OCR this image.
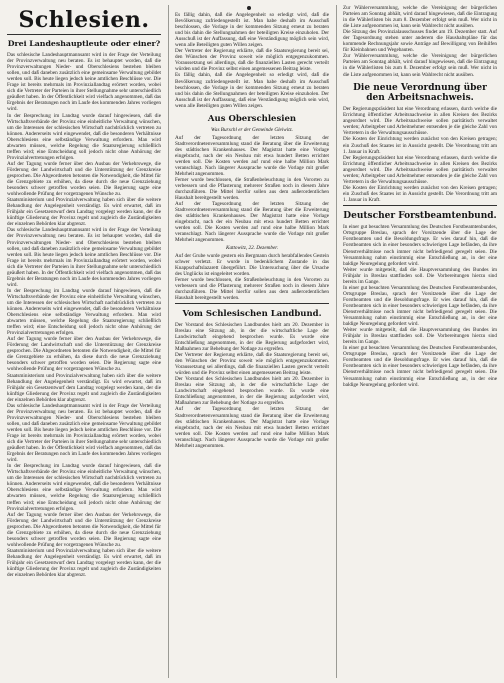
Schlesien.
Drei Landeshauptleute oder einer?

Das schlesische Landeshauptmannsamt wird in der Frage der Verteilung der Provinzverwaltung neu beraten. Es ist behauptet worden, daß die Provinzverwaltungen Nieder- und Oberschlesiens bestehen bleiben sollen, und daß daneben zusätzlich eine gemeinsame Verwaltung gebildet werden soll. Bis heute liegen jedoch keine amtlichen Beschlüsse vor. Die Frage ist bereits mehrmals im Provinziallandtag erörtert worden, wobei sich die Vertreter der Parteien in ihrer Stellungnahme sehr unterschiedlich geäußert haben. In der Öffentlichkeit wird vielfach angenommen, daß das Ergebnis der Beratungen noch im Laufe des kommenden Jahres vorliegen wird.

In der Besprechung im Landtag wurde darauf hingewiesen, daß die Wirtschaftsverbände der Provinz eine einheitliche Verwaltung wünschen, um die Interessen der schlesischen Wirtschaft nachdrücklich vertreten zu können. Andererseits wird eingewendet, daß die besonderen Verhältnisse Oberschlesiens eine selbständige Verwaltung erfordern. Man wird abwarten müssen, welche Regelung die Staatsregierung schließlich treffen wird; eine Entscheidung soll jedoch nicht ohne Anhörung der Provinzialvertretungen erfolgen.

Auf der Tagung wurde ferner über den Ausbau der Verkehrswege, die Förderung der Landwirtschaft und die Unterstützung der Grenzkreise gesprochen. Die Abgeordneten betonten die Notwendigkeit, die Mittel für die Grenzgebiete zu erhöhen, da diese durch die neue Grenzziehung besonders schwer getroffen worden seien. Die Regierung sagte eine wohlwollende Prüfung der vorgetragenen Wünsche zu.

Staatsministerium und Provinzialverwaltung haben sich über die weitere Behandlung der Angelegenheit verständigt. Es wird erwartet, daß im Frühjahr ein Gesetzentwurf dem Landtag vorgelegt werden kann, der die künftige Gliederung der Provinz regelt und zugleich die Zuständigkeiten der einzelnen Behörden klar abgrenzt.

Das schlesische Landeshauptmannsamt wird in der Frage der Verteilung der Provinzverwaltung neu beraten. Es ist behauptet worden, daß die Provinzverwaltungen Nieder- und Oberschlesiens bestehen bleiben sollen, und daß daneben zusätzlich eine gemeinsame Verwaltung gebildet werden soll. Bis heute liegen jedoch keine amtlichen Beschlüsse vor. Die Frage ist bereits mehrmals im Provinziallandtag erörtert worden, wobei sich die Vertreter der Parteien in ihrer Stellungnahme sehr unterschiedlich geäußert haben. In der Öffentlichkeit wird vielfach angenommen, daß das Ergebnis der Beratungen noch im Laufe des kommenden Jahres vorliegen wird.

In der Besprechung im Landtag wurde darauf hingewiesen, daß die Wirtschaftsverbände der Provinz eine einheitliche Verwaltung wünschen, um die Interessen der schlesischen Wirtschaft nachdrücklich vertreten zu können. Andererseits wird eingewendet, daß die besonderen Verhältnisse Oberschlesiens eine selbständige Verwaltung erfordern. Man wird abwarten müssen, welche Regelung die Staatsregierung schließlich treffen wird; eine Entscheidung soll jedoch nicht ohne Anhörung der Provinzialvertretungen erfolgen.

Auf der Tagung wurde ferner über den Ausbau der Verkehrswege, die Förderung der Landwirtschaft und die Unterstützung der Grenzkreise gesprochen. Die Abgeordneten betonten die Notwendigkeit, die Mittel für die Grenzgebiete zu erhöhen, da diese durch die neue Grenzziehung besonders schwer getroffen worden seien. Die Regierung sagte eine wohlwollende Prüfung der vorgetragenen Wünsche zu.

Staatsministerium und Provinzialverwaltung haben sich über die weitere Behandlung der Angelegenheit verständigt. Es wird erwartet, daß im Frühjahr ein Gesetzentwurf dem Landtag vorgelegt werden kann, der die künftige Gliederung der Provinz regelt und zugleich die Zuständigkeiten der einzelnen Behörden klar abgrenzt.

Das schlesische Landeshauptmannsamt wird in der Frage der Verteilung der Provinzverwaltung neu beraten. Es ist behauptet worden, daß die Provinzverwaltungen Nieder- und Oberschlesiens bestehen bleiben sollen, und daß daneben zusätzlich eine gemeinsame Verwaltung gebildet werden soll. Bis heute liegen jedoch keine amtlichen Beschlüsse vor. Die Frage ist bereits mehrmals im Provinziallandtag erörtert worden, wobei sich die Vertreter der Parteien in ihrer Stellungnahme sehr unterschiedlich geäußert haben. In der Öffentlichkeit wird vielfach angenommen, daß das Ergebnis der Beratungen noch im Laufe des kommenden Jahres vorliegen wird.

In der Besprechung im Landtag wurde darauf hingewiesen, daß die Wirtschaftsverbände der Provinz eine einheitliche Verwaltung wünschen, um die Interessen der schlesischen Wirtschaft nachdrücklich vertreten zu können. Andererseits wird eingewendet, daß die besonderen Verhältnisse Oberschlesiens eine selbständige Verwaltung erfordern. Man wird abwarten müssen, welche Regelung die Staatsregierung schließlich treffen wird; eine Entscheidung soll jedoch nicht ohne Anhörung der Provinzialvertretungen erfolgen.

Auf der Tagung wurde ferner über den Ausbau der Verkehrswege, die Förderung der Landwirtschaft und die Unterstützung der Grenzkreise gesprochen. Die Abgeordneten betonten die Notwendigkeit, die Mittel für die Grenzgebiete zu erhöhen, da diese durch die neue Grenzziehung besonders schwer getroffen worden seien. Die Regierung sagte eine wohlwollende Prüfung der vorgetragenen Wünsche zu.

Staatsministerium und Provinzialverwaltung haben sich über die weitere Behandlung der Angelegenheit verständigt. Es wird erwartet, daß im Frühjahr ein Gesetzentwurf dem Landtag vorgelegt werden kann, der die künftige Gliederung der Provinz regelt und zugleich die Zuständigkeiten der einzelnen Behörden klar abgrenzt.

Es fällig dahin, daß die Angelegenheit so erledigt wird, daß die Bevölkerung zufriedengestellt ist. Man habe deshalb im Ausschuß beschlossen, die Vorlage in der kommenden Sitzung erneut zu beraten und bis dahin die Stellungnahmen der beteiligten Kreise einzuholen. Der Ausschuß ist der Auffassung, daß eine Verständigung möglich sein wird, wenn alle Beteiligten guten Willen zeigen.

Der Vertreter der Regierung erklärte, daß die Staatsregierung bereit sei, den Wünschen der Provinz soweit wie möglich entgegenzukommen. Voraussetzung sei allerdings, daß die finanziellen Lasten gerecht verteilt würden und die Provinz selbst einen angemessenen Beitrag leiste.

Es fällig dahin, daß die Angelegenheit so erledigt wird, daß die Bevölkerung zufriedengestellt ist. Man habe deshalb im Ausschuß beschlossen, die Vorlage in der kommenden Sitzung erneut zu beraten und bis dahin die Stellungnahmen der beteiligten Kreise einzuholen. Der Ausschuß ist der Auffassung, daß eine Verständigung möglich sein wird, wenn alle Beteiligten guten Willen zeigen.

Aus Oberschlesien
Was Burschl er der Gemeinde Gleiwitz.

Auf der Tagesordnung der letzten Sitzung der Stadtverordnetenversammlung stand die Beratung über die Erweiterung des städtischen Krankenhauses. Der Magistrat hatte eine Vorlage eingebracht, nach der ein Neubau mit etwa hundert Betten errichtet werden soll. Die Kosten werden auf rund eine halbe Million Mark veranschlagt. Nach längerer Aussprache wurde die Vorlage mit großer Mehrheit angenommen.

Ferner wurde beschlossen, die Straßenbeleuchtung in den Vororten zu verbessern und die Pflasterung mehrerer Straßen noch in diesem Jahre durchzuführen. Die Mittel hierfür sollen aus dem außerordentlichen Haushalt bereitgestellt werden.

Auf der Tagesordnung der letzten Sitzung der Stadtverordnetenversammlung stand die Beratung über die Erweiterung des städtischen Krankenhauses. Der Magistrat hatte eine Vorlage eingebracht, nach der ein Neubau mit etwa hundert Betten errichtet werden soll. Die Kosten werden auf rund eine halbe Million Mark veranschlagt. Nach längerer Aussprache wurde die Vorlage mit großer Mehrheit angenommen.

Kattowitz, 22. Dezember.

Auf der Grube wurde gestern ein Bergmann durch herabfallendes Gestein schwer verletzt. Er wurde in bedenklichem Zustande in das Knappschaftslazarett übergeführt. Die Untersuchung über die Ursache des Unglücks ist eingeleitet worden.

Ferner wurde beschlossen, die Straßenbeleuchtung in den Vororten zu verbessern und die Pflasterung mehrerer Straßen noch in diesem Jahre durchzuführen. Die Mittel hierfür sollen aus dem außerordentlichen Haushalt bereitgestellt werden.

Vom Schlesischen Landbund.

Der Vorstand des Schlesischen Landbundes hielt am 20. Dezember in Breslau eine Sitzung ab, in der die wirtschaftliche Lage der Landwirtschaft eingehend besprochen wurde. Es wurde eine Entschließung angenommen, in der die Regierung aufgefordert wird, Maßnahmen zur Behebung der Notlage zu ergreifen.

Der Vertreter der Regierung erklärte, daß die Staatsregierung bereit sei, den Wünschen der Provinz soweit wie möglich entgegenzukommen. Voraussetzung sei allerdings, daß die finanziellen Lasten gerecht verteilt würden und die Provinz selbst einen angemessenen Beitrag leiste.

Der Vorstand des Schlesischen Landbundes hielt am 20. Dezember in Breslau eine Sitzung ab, in der die wirtschaftliche Lage der Landwirtschaft eingehend besprochen wurde. Es wurde eine Entschließung angenommen, in der die Regierung aufgefordert wird, Maßnahmen zur Behebung der Notlage zu ergreifen.

Auf der Tagesordnung der letzten Sitzung der Stadtverordnetenversammlung stand die Beratung über die Erweiterung des städtischen Krankenhauses. Der Magistrat hatte eine Vorlage eingebracht, nach der ein Neubau mit etwa hundert Betten errichtet werden soll. Die Kosten werden auf rund eine halbe Million Mark veranschlagt. Nach längerer Aussprache wurde die Vorlage mit großer Mehrheit angenommen.

Zur Wählerversammlung, welche die Vereinigung der bürgerlichen Parteien am Sonntag abhält, wird darauf hingewiesen, daß die Eintragung in die Wählerlisten bis zum 8. Dezember erfolgt sein muß. Wer nicht in die Liste aufgenommen ist, kann sein Wahlrecht nicht ausüben.

Die Sitzung des Provinzialausschusses findet am 19. Dezember statt. Auf der Tagesordnung stehen unter anderem die Haushaltspläne für das kommende Rechnungsjahr sowie Anträge auf Bewilligung von Beihilfen für Kleinbahnen und Wegebauten.

Zur Wählerversammlung, welche die Vereinigung der bürgerlichen Parteien am Sonntag abhält, wird darauf hingewiesen, daß die Eintragung in die Wählerlisten bis zum 8. Dezember erfolgt sein muß. Wer nicht in die Liste aufgenommen ist, kann sein Wahlrecht nicht ausüben.

Die neue Verordnung über den Arbeitsnachweis.

Der Regierungspräsident hat eine Verordnung erlassen, durch welche die Errichtung öffentlicher Arbeitsnachweise in allen Kreisen des Bezirks angeordnet wird. Die Arbeitsnachweise sollen paritätisch verwaltet werden; Arbeitgeber und Arbeitnehmer entsenden je die gleiche Zahl von Vertretern in die Verwaltungsausschüsse.

Die Kosten der Einrichtung werden zunächst von den Kreisen getragen; ein Zuschuß des Staates ist in Aussicht gestellt. Die Verordnung tritt am 1. Januar in Kraft.

Der Regierungspräsident hat eine Verordnung erlassen, durch welche die Errichtung öffentlicher Arbeitsnachweise in allen Kreisen des Bezirks angeordnet wird. Die Arbeitsnachweise sollen paritätisch verwaltet werden; Arbeitgeber und Arbeitnehmer entsenden je die gleiche Zahl von Vertretern in die Verwaltungsausschüsse.

Die Kosten der Einrichtung werden zunächst von den Kreisen getragen; ein Zuschuß des Staates ist in Aussicht gestellt. Die Verordnung tritt am 1. Januar in Kraft.

Deutscher Forstbeamtenbund.

In einer gut besuchten Versammlung des Deutschen Forstbeamtenbundes, Ortsgruppe Breslau, sprach der Vorsitzende über die Lage der Forstbeamten und die Besoldungsfrage. Er wies darauf hin, daß die Forstbeamten sich in einer besonders schwierigen Lage befänden, da ihre Dienstverhältnisse noch immer nicht befriedigend geregelt seien. Die Versammlung nahm einstimmig eine Entschließung an, in der eine baldige Neuregelung gefordert wird.

Weiter wurde mitgeteilt, daß die Hauptversammlung des Bundes im Frühjahr in Breslau stattfinden soll. Die Vorbereitungen hierzu sind bereits im Gange.

In einer gut besuchten Versammlung des Deutschen Forstbeamtenbundes, Ortsgruppe Breslau, sprach der Vorsitzende über die Lage der Forstbeamten und die Besoldungsfrage. Er wies darauf hin, daß die Forstbeamten sich in einer besonders schwierigen Lage befänden, da ihre Dienstverhältnisse noch immer nicht befriedigend geregelt seien. Die Versammlung nahm einstimmig eine Entschließung an, in der eine baldige Neuregelung gefordert wird.

Weiter wurde mitgeteilt, daß die Hauptversammlung des Bundes im Frühjahr in Breslau stattfinden soll. Die Vorbereitungen hierzu sind bereits im Gange.

In einer gut besuchten Versammlung des Deutschen Forstbeamtenbundes, Ortsgruppe Breslau, sprach der Vorsitzende über die Lage der Forstbeamten und die Besoldungsfrage. Er wies darauf hin, daß die Forstbeamten sich in einer besonders schwierigen Lage befänden, da ihre Dienstverhältnisse noch immer nicht befriedigend geregelt seien. Die Versammlung nahm einstimmig eine Entschließung an, in der eine baldige Neuregelung gefordert wird.
